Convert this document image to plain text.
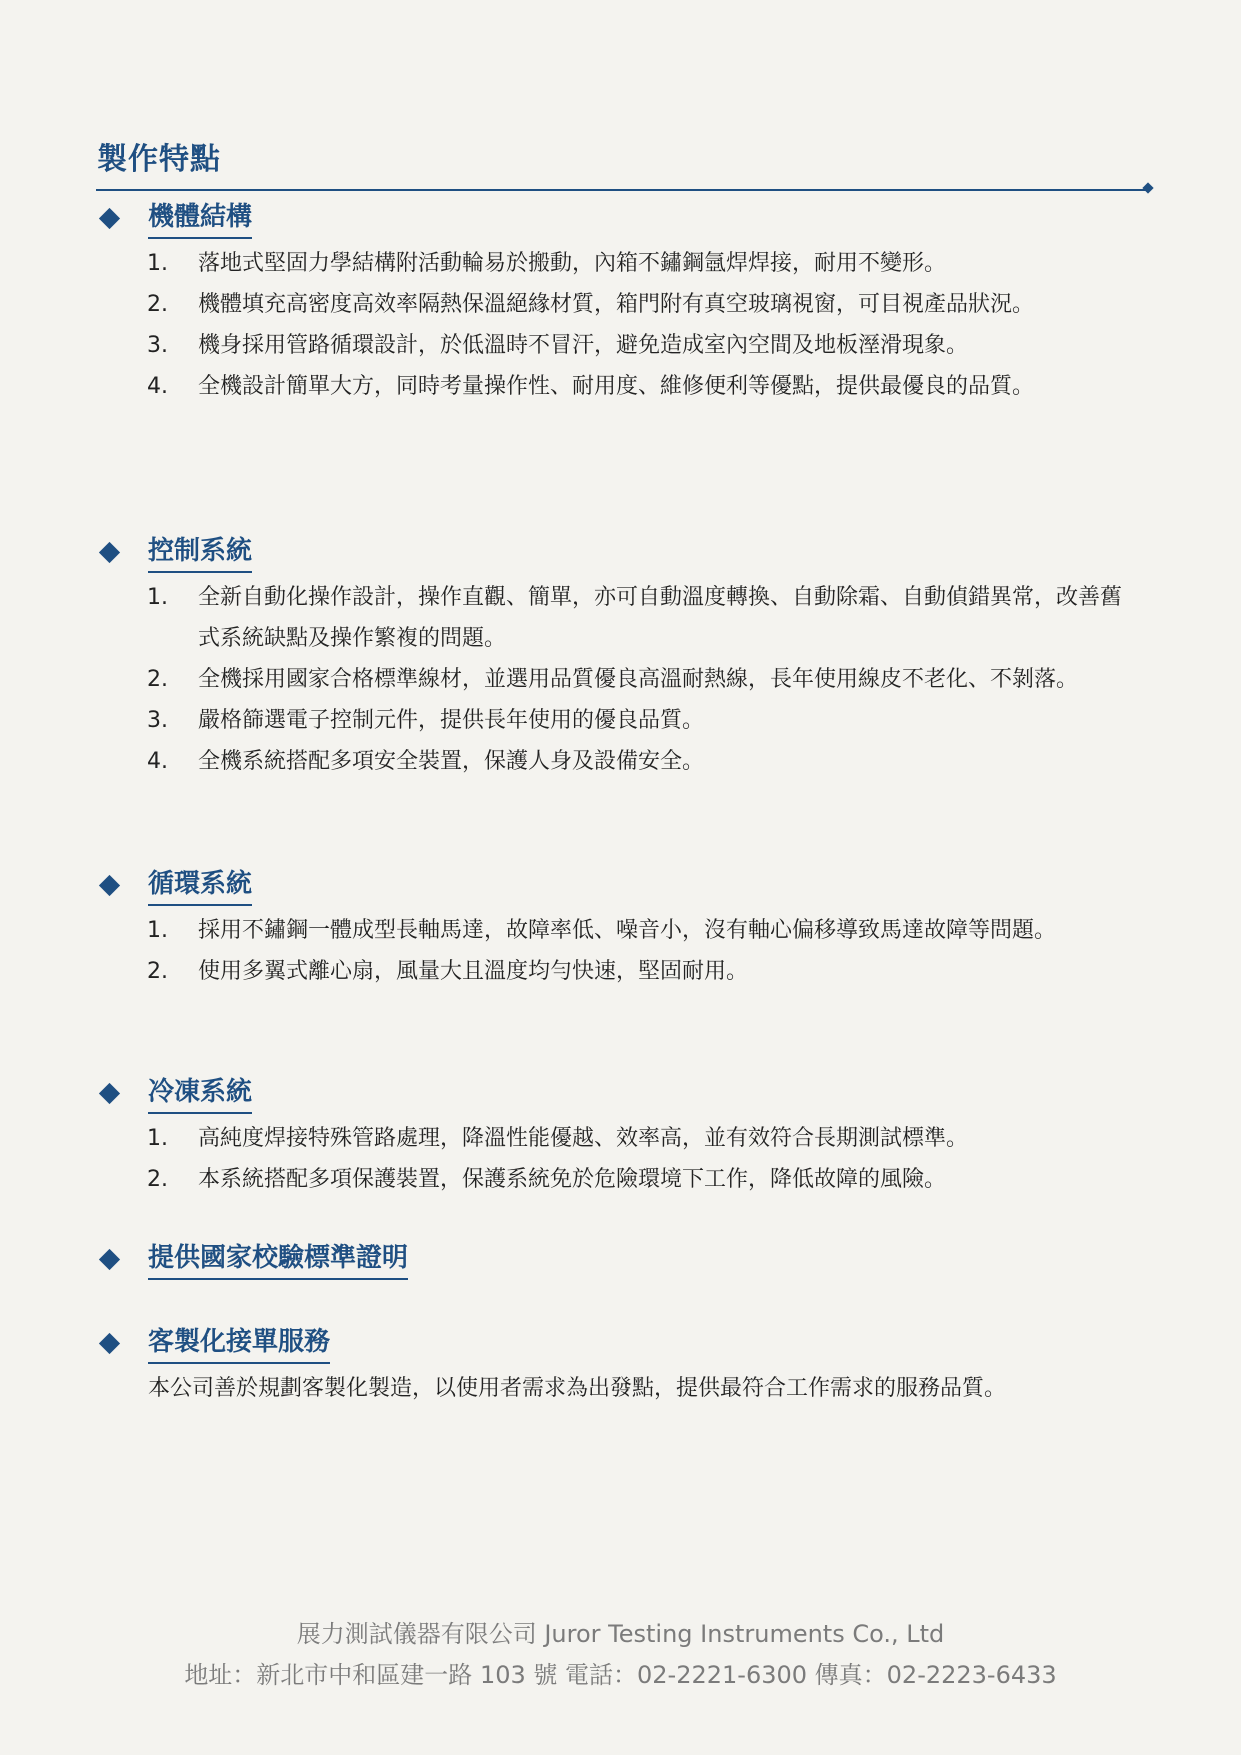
製作特點
機體結構
1.	落地式堅固力學結構附活動輪易於搬動，內箱不鏽鋼氬焊焊接，耐用不變形。
2.	機體填充高密度高效率隔熱保溫絕緣材質，箱門附有真空玻璃視窗，可目視產品狀況。
3.	機身採用管路循環設計，於低溫時不冒汗，避免造成室內空間及地板溼滑現象。
4.	全機設計簡單大方，同時考量操作性、耐用度、維修便利等優點，提供最優良的品質。
控制系統
1.	全新自動化操作設計，操作直觀、簡單，亦可自動溫度轉換、自動除霜、自動偵錯異常，改善舊式系統缺點及操作繁複的問題。
2.	全機採用國家合格標準線材，並選用品質優良高溫耐熱線，長年使用線皮不老化、不剝落。
3.	嚴格篩選電子控制元件，提供長年使用的優良品質。
4.	全機系統搭配多項安全裝置，保護人身及設備安全。
循環系統
1.	採用不鏽鋼一體成型長軸馬達，故障率低、噪音小，沒有軸心偏移導致馬達故障等問題。
2.	使用多翼式離心扇，風量大且溫度均勻快速，堅固耐用。
冷凍系統
1.	高純度焊接特殊管路處理，降溫性能優越、效率高，並有效符合長期測試標準。
2.	本系統搭配多項保護裝置，保護系統免於危險環境下工作，降低故障的風險。
提供國家校驗標準證明
客製化接單服務
本公司善於規劃客製化製造，以使用者需求為出發點，提供最符合工作需求的服務品質。
展力測試儀器有限公司 Juror Testing Instruments Co., Ltd
地址：新北市中和區建一路 103 號 電話：02-2221-6300 傳真：02-2223-6433
